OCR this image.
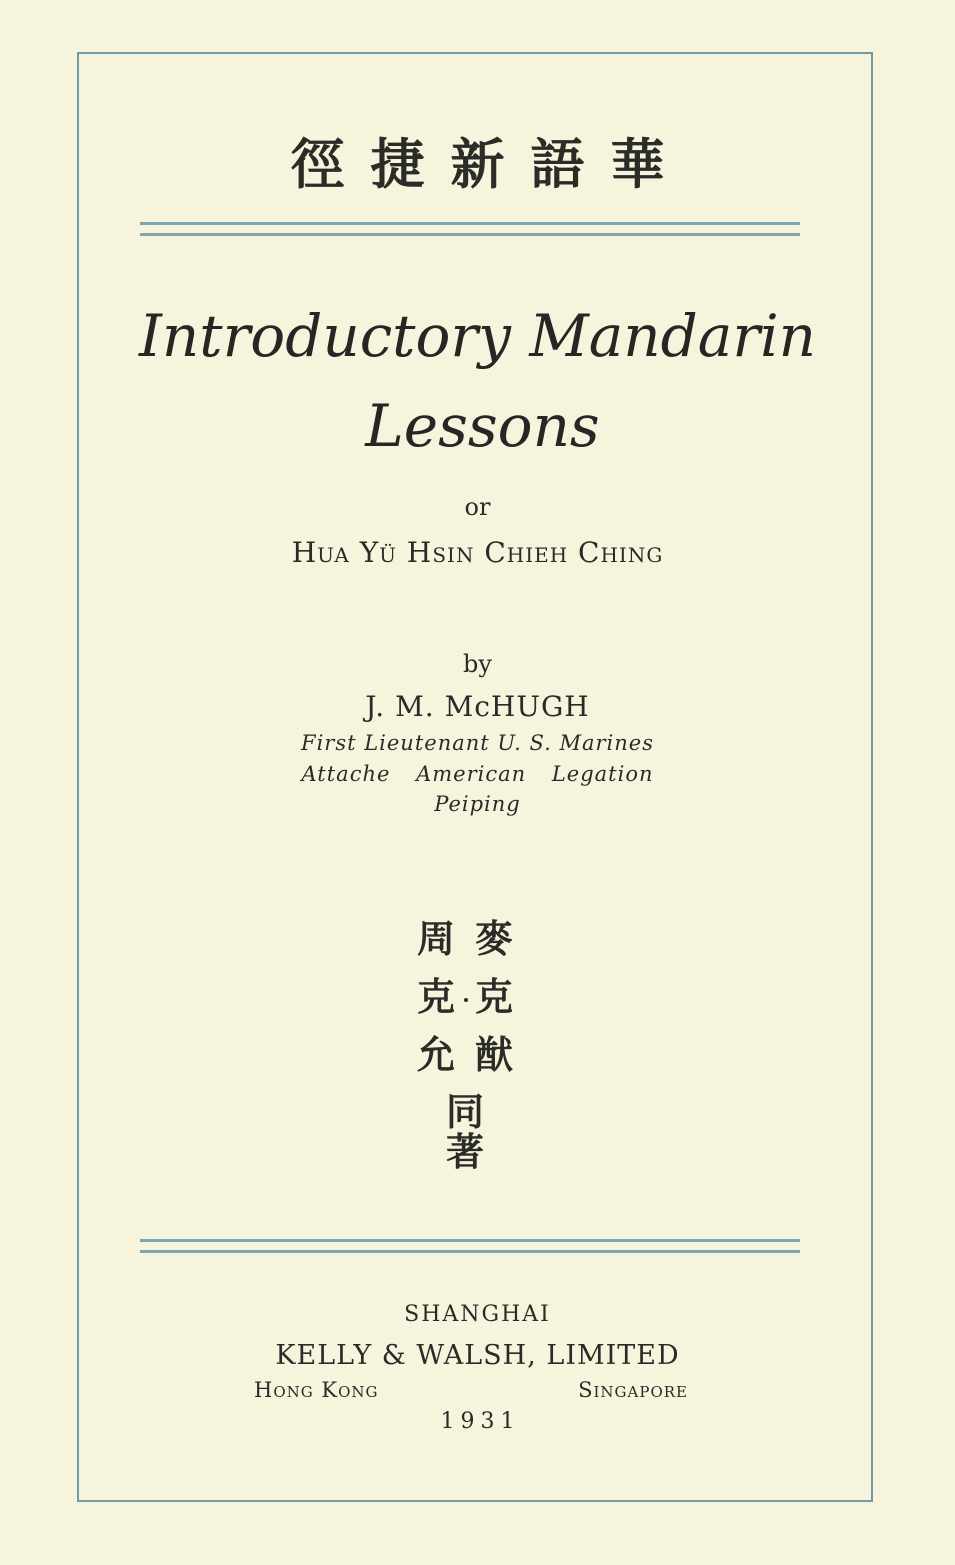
徑捷新語華
Introductory Mandarin
Lessons
or
Hua Yü Hsin Chieh Ching
by
J. M. McHUGH
First Lieutenant U. S. Marines
Attache American Legation
Peiping
麥
克
猷
周
克
允
同
著
SHANGHAI
KELLY & WALSH, LIMITED
Hong Kong	Singapore
1931
